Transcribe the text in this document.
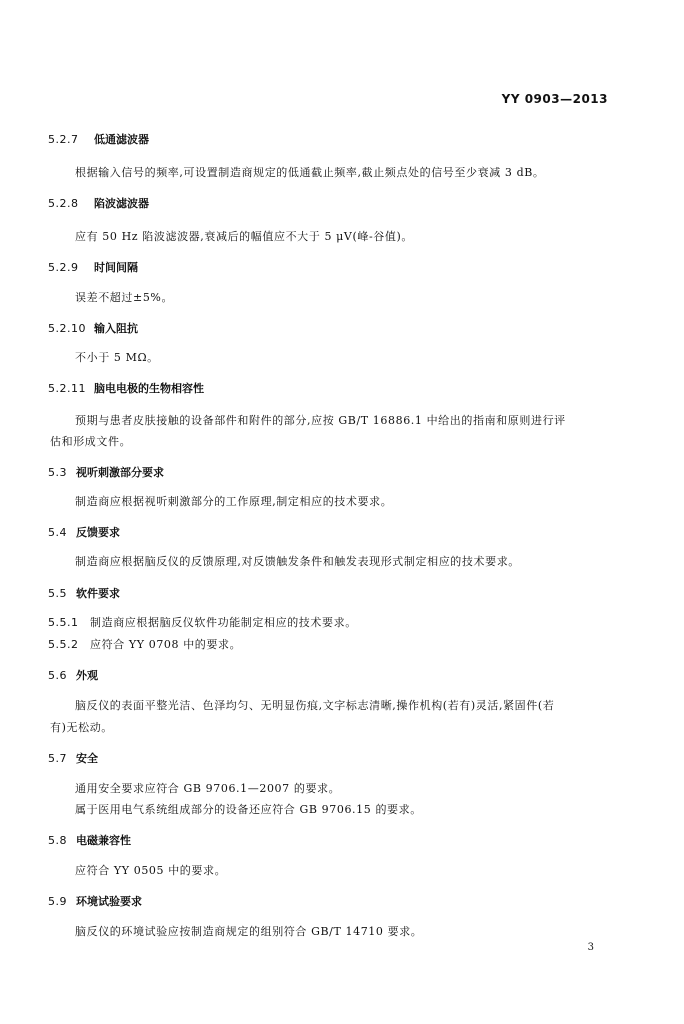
YY 0903—2013
5.2.7 低通滤波器
根据输入信号的频率,可设置制造商规定的低通截止频率,截止频点处的信号至少衰减 3 dB。
5.2.8 陷波滤波器
应有 50 Hz 陷波滤波器,衰减后的幅值应不大于 5 μV(峰-谷值)。
5.2.9 时间间隔
误差不超过±5%。
5.2.10 输入阻抗
不小于 5 MΩ。
5.2.11 脑电电极的生物相容性
预期与患者皮肤接触的设备部件和附件的部分,应按 GB/T 16886.1 中给出的指南和原则进行评
估和形成文件。
5.3 视听刺激部分要求
制造商应根据视听刺激部分的工作原理,制定相应的技术要求。
5.4 反馈要求
制造商应根据脑反仪的反馈原理,对反馈触发条件和触发表现形式制定相应的技术要求。
5.5 软件要求
5.5.1 制造商应根据脑反仪软件功能制定相应的技术要求。
5.5.2 应符合 YY 0708 中的要求。
5.6 外观
脑反仪的表面平整光洁、色泽均匀、无明显伤痕,文字标志清晰,操作机构(若有)灵活,紧固件(若
有)无松动。
5.7 安全
通用安全要求应符合 GB 9706.1—2007 的要求。
属于医用电气系统组成部分的设备还应符合 GB 9706.15 的要求。
5.8 电磁兼容性
应符合 YY 0505 中的要求。
5.9 环境试验要求
脑反仪的环境试验应按制造商规定的组别符合 GB/T 14710 要求。
3
